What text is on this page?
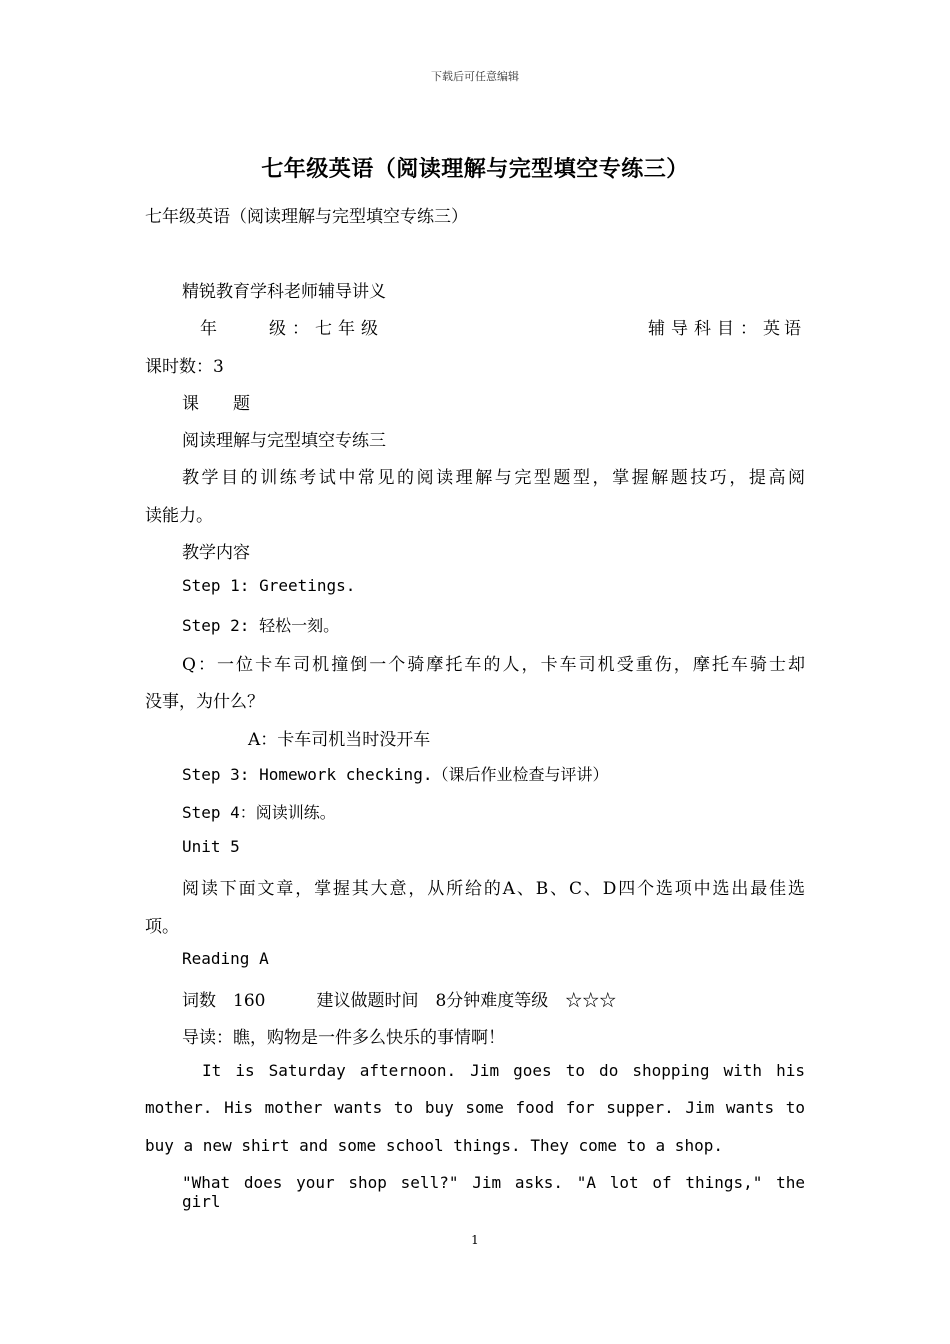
下载后可任意编辑
七年级英语（阅读理解与完型填空专练三）
七年级英语（阅读理解与完型填空专练三）
精锐教育学科老师辅导讲义
年　　级：七年级	辅导科目：英语
课时数：3
课　　题
阅读理解与完型填空专练三
教学目的训练考试中常见的阅读理解与完型题型，掌握解题技巧，提高阅
读能力。
教学内容
Step 1: Greetings.
Step 2: 轻松一刻。
Q：一位卡车司机撞倒一个骑摩托车的人，卡车司机受重伤，摩托车骑士却
没事，为什么？
A：卡车司机当时没开车
Step 3: Homework checking.（课后作业检查与评讲）
Step 4：阅读训练。
Unit 5
阅读下面文章，掌握其大意，从所给的A、B、C、D四个选项中选出最佳选
项。
Reading A
词数　160　　　建议做题时间　8分钟难度等级　☆☆☆
导读：瞧，购物是一件多么快乐的事情啊！
It is Saturday afternoon. Jim goes to do shopping with his
mother. His mother wants to buy some food for supper. Jim wants to
buy a new shirt and some school things. They come to a shop.
"What does your shop sell?" Jim asks. "A lot of things," the girl
1
